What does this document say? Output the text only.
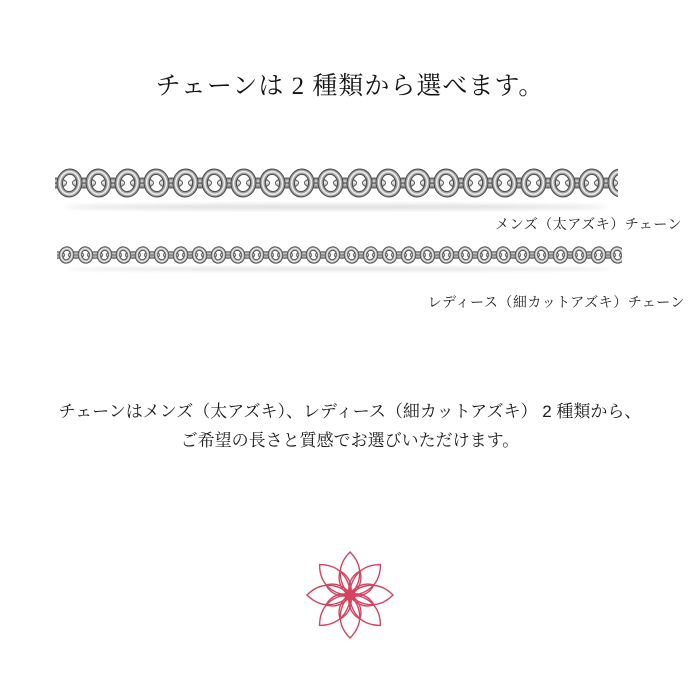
チェーンは 2 種類から選べます。
メンズ（太アズキ）チェーン
レディース（細カットアズキ）チェーン
チェーンはメンズ（太アズキ）、レディース（細カットアズキ） 2 種類から、
ご希望の長さと質感でお選びいただけます。
